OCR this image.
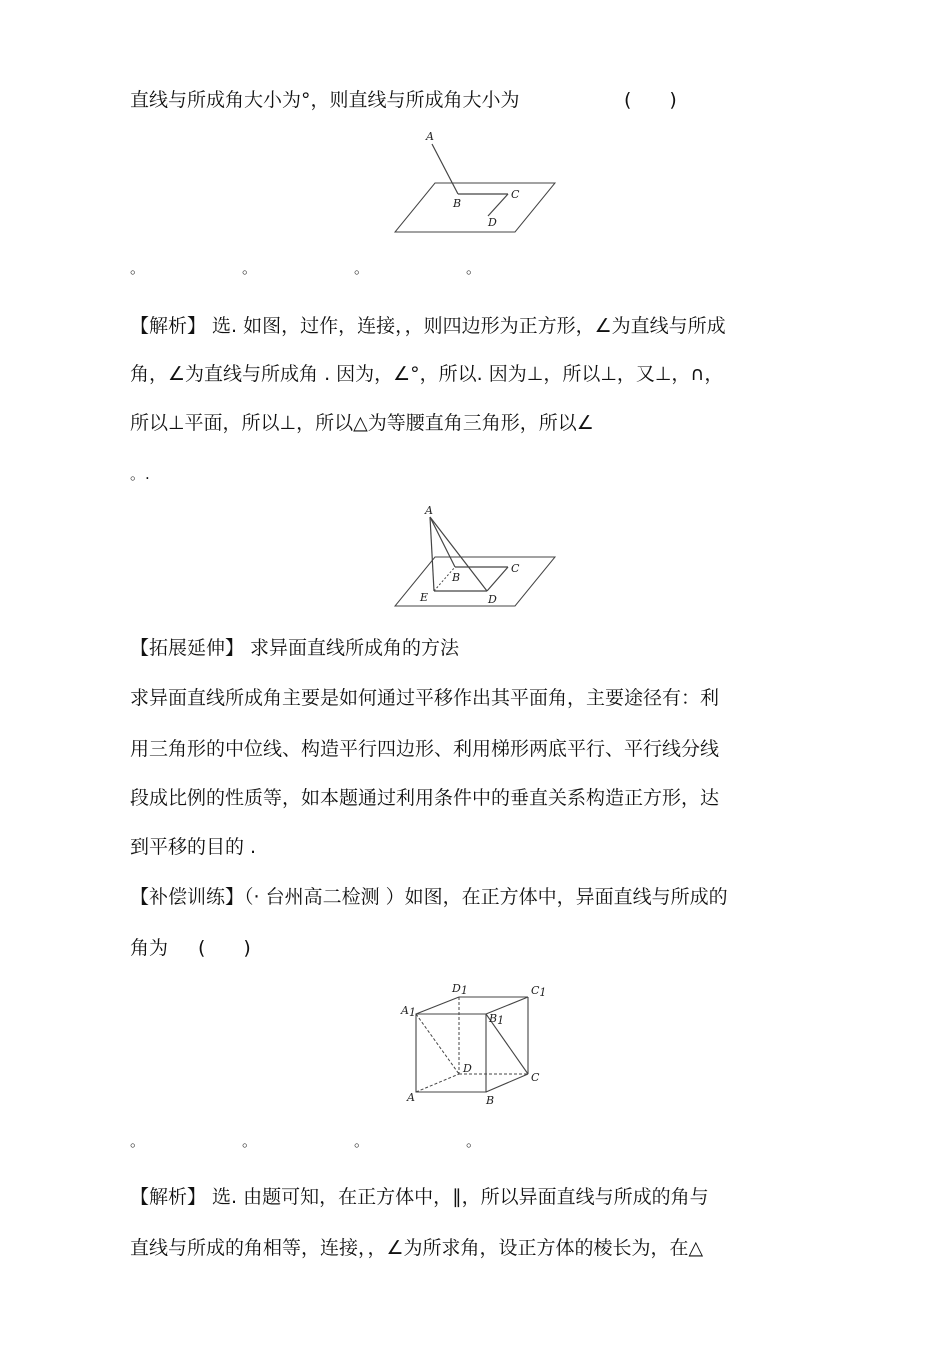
直线与所成角大小为°，则直线与所成角大小为	(　　)
A
B
C
D
。	。	。	。
【解析】 选. 如图，过作，连接，，则四边形为正方形，∠为直线与所成
角，∠为直线与所成角 . 因为，∠°，所以. 因为⊥，所以⊥，又⊥，∩，
所以⊥平面，所以⊥，所以△为等腰直角三角形，所以∠
。.
A
B
C
D
E
【拓展延伸】 求异面直线所成角的方法
求异面直线所成角主要是如何通过平移作出其平面角，主要途径有：利
用三角形的中位线、构造平行四边形、利用梯形两底平行、平行线分线
段成比例的性质等，如本题通过利用条件中的垂直关系构造正方形，达
到平移的目的 .
【补偿训练】（· 台州高二检测 ）如图，在正方体中，异面直线与所成的
角为 (　　)
D1	C1
A1	B1
D
C
A	B
。	。	。	。
【解析】 选. 由题可知，在正方体中，∥，所以异面直线与所成的角与
直线与所成的角相等，连接，，∠为所求角，设正方体的棱长为，在△
